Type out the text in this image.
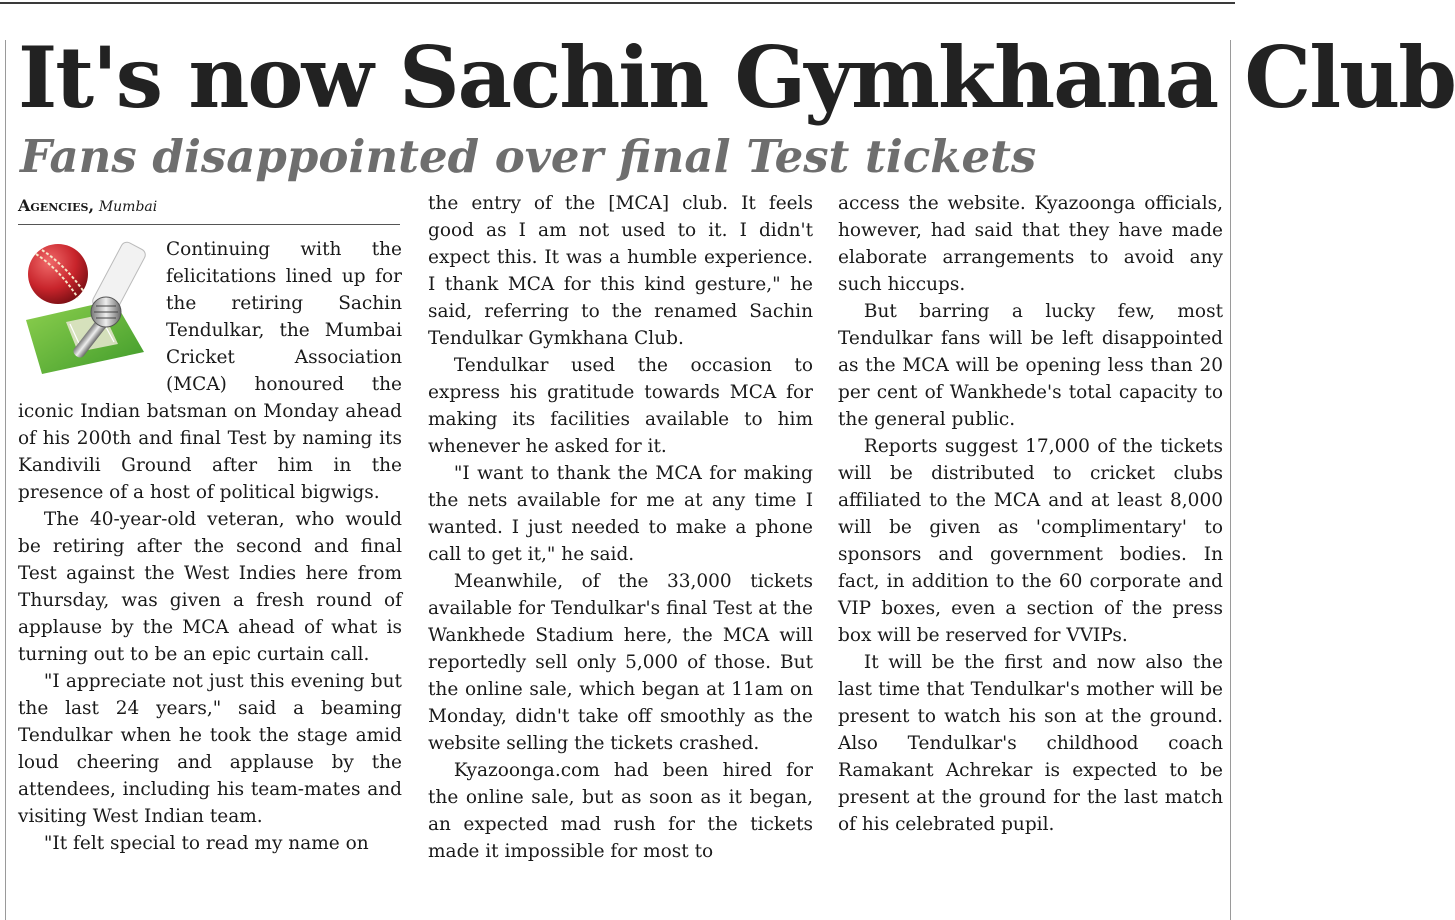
It's now Sachin Gymkhana Club
Fans disappointed over final Test tickets
Agencies, Mumbai

Continuing with the felicitations lined up for the retiring Sachin Tendulkar, the Mumbai Cricket Association (MCA) honoured the iconic Indian batsman on Monday ahead of his 200th and final Test by naming its Kandivili Ground after him in the presence of a host of political bigwigs.

The 40-year-old veteran, who would be retiring after the second and final Test against the West Indies here from Thursday, was given a fresh round of applause by the MCA ahead of what is turning out to be an epic curtain call.

"I appreciate not just this evening but the last 24 years," said a beaming Tendulkar when he took the stage amid loud cheering and applause by the attendees, including his team-mates and visiting West Indian team.

"It felt special to read my name on

the entry of the [MCA] club. It feels good as I am not used to it. I didn't expect this. It was a humble experience. I thank MCA for this kind gesture," he said, referring to the renamed Sachin Tendulkar Gymkhana Club.

Tendulkar used the occasion to express his gratitude towards MCA for making its facilities available to him whenever he asked for it.

"I want to thank the MCA for making the nets available for me at any time I wanted. I just needed to make a phone call to get it," he said.

Meanwhile, of the 33,000 tickets available for Tendulkar's final Test at the Wankhede Stadium here, the MCA will reportedly sell only 5,000 of those. But the online sale, which began at 11am on Monday, didn't take off smoothly as the website selling the tickets crashed.

Kyazoonga.com had been hired for the online sale, but as soon as it began, an expected mad rush for the tickets made it impossible for most to

access the website. Kyazoonga officials, however, had said that they have made elaborate arrangements to avoid any such hiccups.

But barring a lucky few, most Tendulkar fans will be left disappointed as the MCA will be opening less than 20 per cent of Wankhede's total capacity to the general public.

Reports suggest 17,000 of the tickets will be distributed to cricket clubs affiliated to the MCA and at least 8,000 will be given as 'complimentary' to sponsors and government bodies. In fact, in addition to the 60 corporate and VIP boxes, even a section of the press box will be reserved for VVIPs.

It will be the first and now also the last time that Tendulkar's mother will be present to watch his son at the ground. Also Tendulkar's childhood coach Ramakant Achrekar is expected to be present at the ground for the last match of his celebrated pupil.
